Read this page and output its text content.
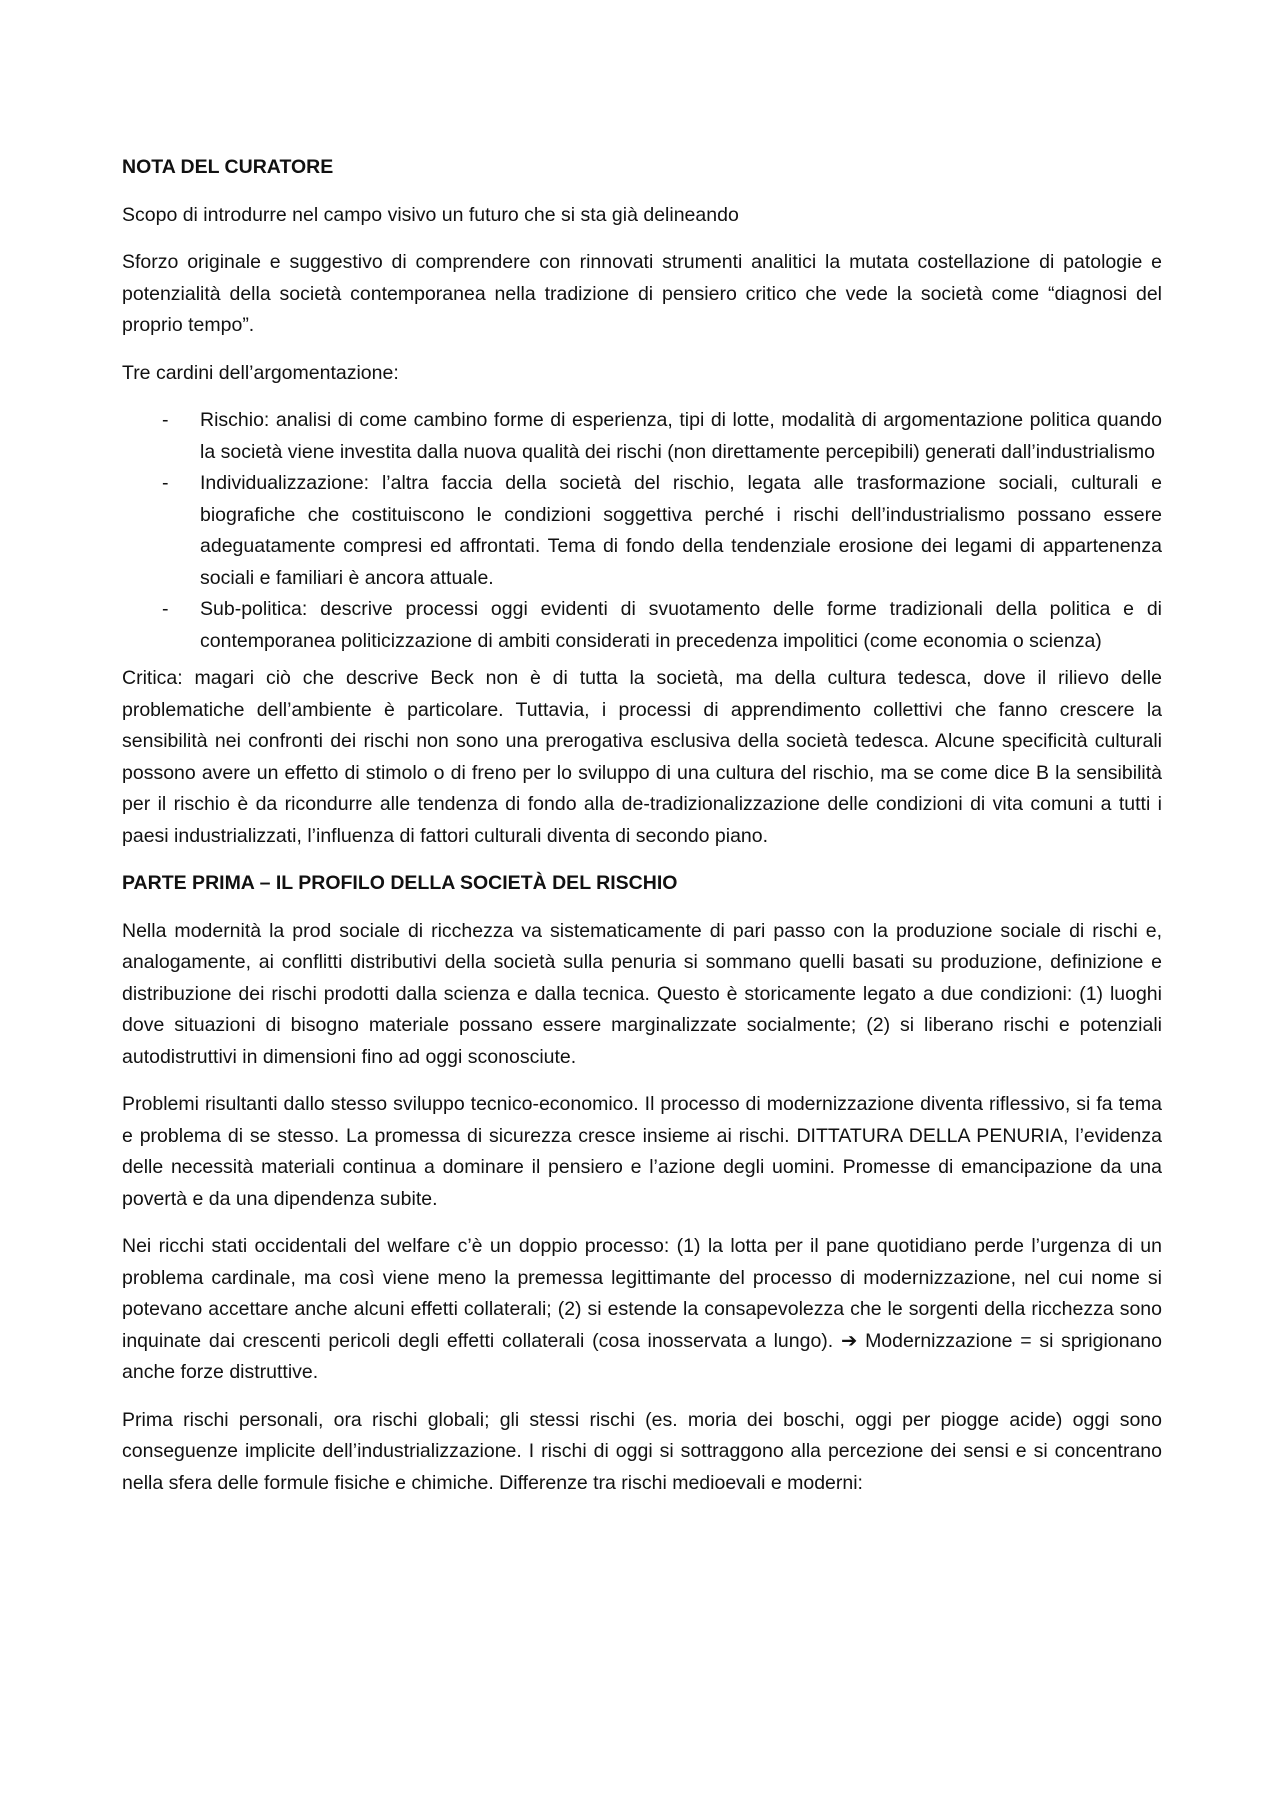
NOTA DEL CURATORE

Scopo di introdurre nel campo visivo un futuro che si sta già delineando

Sforzo originale e suggestivo di comprendere con rinnovati strumenti analitici la mutata costellazione di patologie e potenzialità della società contemporanea nella tradizione di pensiero critico che vede la società come “diagnosi del proprio tempo”.

Tre cardini dell’argomentazione:

- Rischio: analisi di come cambino forme di esperienza, tipi di lotte, modalità di argomentazione politica quando la società viene investita dalla nuova qualità dei rischi (non direttamente percepibili) generati dall’industrialismo
- Individualizzazione: l’altra faccia della società del rischio, legata alle trasformazione sociali, culturali e biografiche che costituiscono le condizioni soggettiva perché i rischi dell’industrialismo possano essere adeguatamente compresi ed affrontati. Tema di fondo della tendenziale erosione dei legami di appartenenza sociali e familiari è ancora attuale.
- Sub-politica: descrive processi oggi evidenti di svuotamento delle forme tradizionali della politica e di contemporanea politicizzazione di ambiti considerati in precedenza impolitici (come economia o scienza)

Critica: magari ciò che descrive Beck non è di tutta la società, ma della cultura tedesca, dove il rilievo delle problematiche dell’ambiente è particolare. Tuttavia, i processi di apprendimento collettivi che fanno crescere la sensibilità nei confronti dei rischi non sono una prerogativa esclusiva della società tedesca. Alcune specificità culturali possono avere un effetto di stimolo o di freno per lo sviluppo di una cultura del rischio, ma se come dice B la sensibilità per il rischio è da ricondurre alle tendenza di fondo alla de-tradizionalizzazione delle condizioni di vita comuni a tutti i paesi industrializzati, l’influenza di fattori culturali diventa di secondo piano.

PARTE PRIMA – IL PROFILO DELLA SOCIETÀ DEL RISCHIO

Nella modernità la prod sociale di ricchezza va sistematicamente di pari passo con la produzione sociale di rischi e, analogamente, ai conflitti distributivi della società sulla penuria si sommano quelli basati su produzione, definizione e distribuzione dei rischi prodotti dalla scienza e dalla tecnica. Questo è storicamente legato a due condizioni: (1) luoghi dove situazioni di bisogno materiale possano essere marginalizzate socialmente; (2) si liberano rischi e potenziali autodistruttivi in dimensioni fino ad oggi sconosciute.

Problemi risultanti dallo stesso sviluppo tecnico-economico. Il processo di modernizzazione diventa riflessivo, si fa tema e problema di se stesso. La promessa di sicurezza cresce insieme ai rischi. DITTATURA DELLA PENURIA, l’evidenza delle necessità materiali continua a dominare il pensiero e l’azione degli uomini. Promesse di emancipazione da una povertà e da una dipendenza subite.

Nei ricchi stati occidentali del welfare c’è un doppio processo: (1) la lotta per il pane quotidiano perde l’urgenza di un problema cardinale, ma così viene meno la premessa legittimante del processo di modernizzazione, nel cui nome si potevano accettare anche alcuni effetti collaterali; (2) si estende la consapevolezza che le sorgenti della ricchezza sono inquinate dai crescenti pericoli degli effetti collaterali (cosa inosservata a lungo). ➔ Modernizzazione = si sprigionano anche forze distruttive.

Prima rischi personali, ora rischi globali; gli stessi rischi (es. moria dei boschi, oggi per piogge acide) oggi sono conseguenze implicite dell’industrializzazione. I rischi di oggi si sottraggono alla percezione dei sensi e si concentrano nella sfera delle formule fisiche e chimiche. Differenze tra rischi medioevali e moderni:
